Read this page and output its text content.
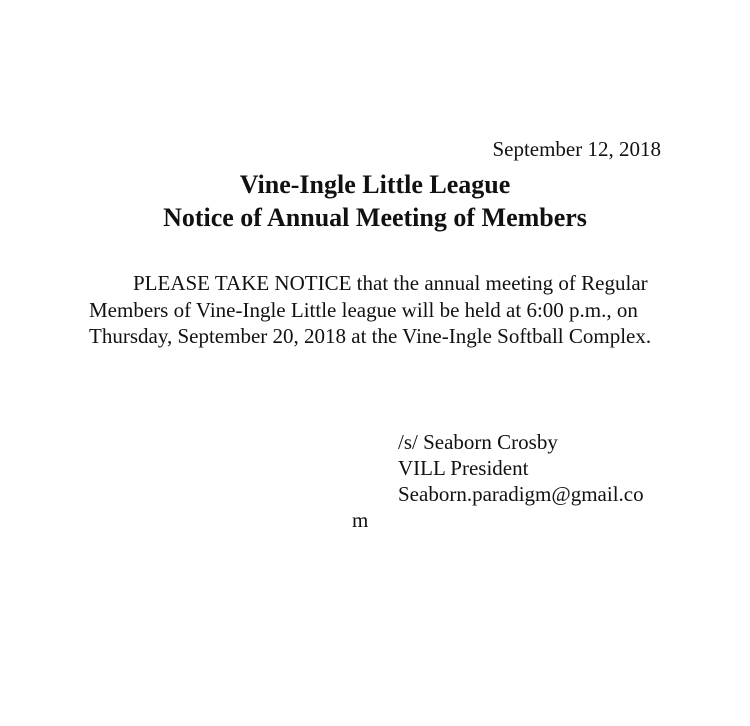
September 12, 2018
Vine-Ingle Little League
Notice of Annual Meeting of Members

PLEASE TAKE NOTICE that the annual meeting of Regular Members of Vine-Ingle Little league will be held at 6:00 p.m., on Thursday, September 20, 2018 at the Vine-Ingle Softball Complex.

/s/ Seaborn Crosby
VILL President
Seaborn.paradigm@gmail.co
m
